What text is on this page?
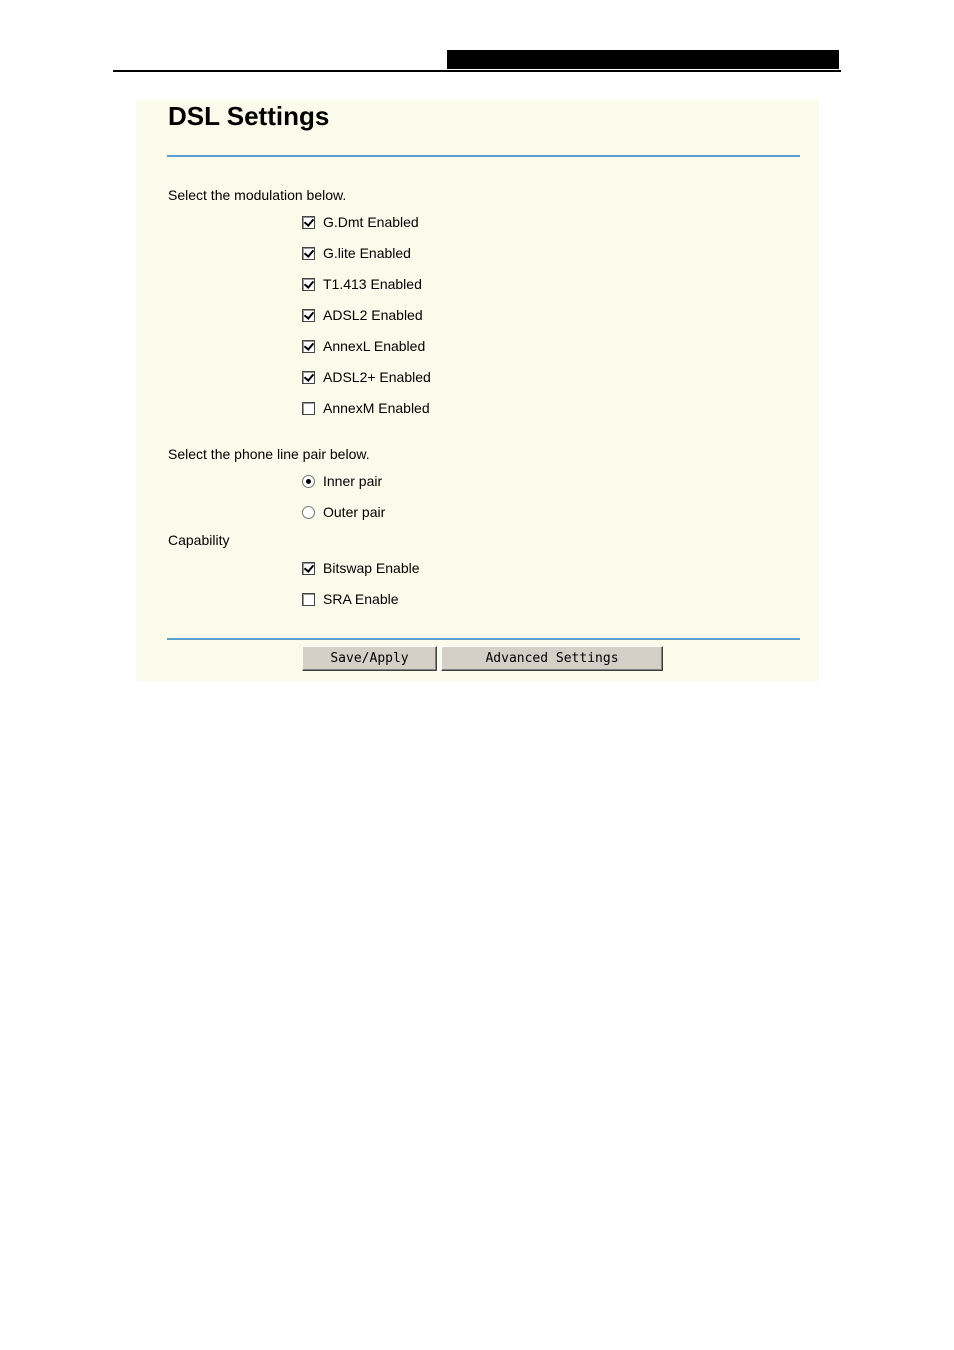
DSL Settings
Select the modulation below.
G.Dmt Enabled
G.lite Enabled
T1.413 Enabled
ADSL2 Enabled
AnnexL Enabled
ADSL2+ Enabled
AnnexM Enabled
Select the phone line pair below.
Inner pair
Outer pair
Capability
Bitswap Enable
SRA Enable
Save/Apply	Advanced Settings
